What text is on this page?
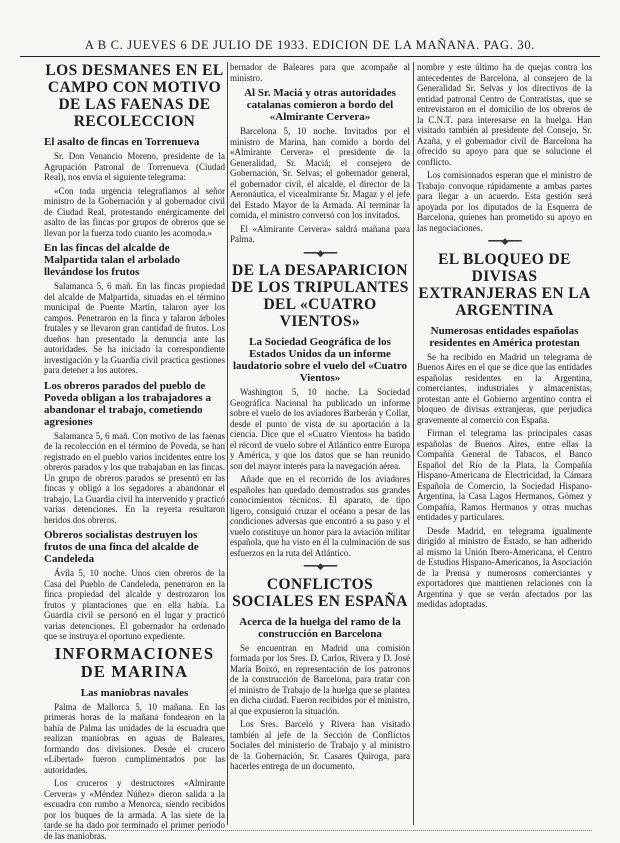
A B C. JUEVES 6 DE JULIO DE 1933. EDICION DE LA MAÑANA. PAG. 30.
LOS DESMANES EN EL CAMPO CON MOTIVO DE LAS FAENAS DE RECOLECCION
El asalto de fincas en Torrenueva

Sr. Don Venancio Moreno, presidente de la Agrupación Patronal de Torrenueva (Ciudad Real), nos envía el siguiente telegrama:

«Con toda urgencia telegrafiamos al señor ministro de la Gobernación y al gobernador civil de Ciudad Real, protestando enérgicamente del asalto de las fincas por grupos de obreros que se llevan por la fuerza todo cuanto les acomoda.»

En las fincas del alcalde de Malpartida talan el arbolado llevándose los frutos

Salamanca 5, 6 mañ. En las fincas propiedad del alcalde de Malpartida, situadas en el término municipal de Puente Martín, talaron ayer los campos. Penetraron en la finca y talaron árboles frutales y se llevaron gran cantidad de frutos. Los dueños han presentado la denuncia ante las autoridades. Se ha iniciado la correspondiente investigación y la Guardia civil practica gestiones para detener a los autores.

Los obreros parados del pueblo de Poveda obligan a los trabajadores a abandonar el trabajo, cometiendo agresiones

Salamanca 5, 6 mañ. Con motivo de las faenas de la recolección en el término de Poveda, se han registrado en el pueblo varios incidentes entre los obreros parados y los que trabajaban en las fincas. Un grupo de obreros parados se presentó en las fincas y obligó a los segadores a abandonar el trabajo. La Guardia civil ha intervenido y practicó varias detenciones. En la reyerta resultaron heridos dos obreros.

Obreros socialistas destruyen los frutos de una finca del alcalde de Candeleda

Ávila 5, 10 noche. Unos cien obreros de la Casa del Pueblo de Candeleda, penetraron en la finca propiedad del alcalde y destrozaron los frutos y plantaciones que en ella había. La Guardia civil se personó en el lugar y practicó varias detenciones. El gobernador ha ordenado que se instruya el oportuno expediente.

INFORMACIONES DE MARINA
Las maniobras navales

Palma de Mallorca 5, 10 mañana. En las primeras horas de la mañana fondearon en la bahía de Palma las unidades de la escuadra que realizan maniobras en aguas de Baleares, formando dos divisiones. Desde el crucero «Libertad» fueron cumplimentados por las autoridades.

Los cruceros y destructores «Almirante Cervera» y «Méndez Núñez» dieron salida a la escuadra con rumbo a Menorca, siendo recibidos por los buques de la armada. A las siete de la tarde se ha dado por terminado el primer período de las maniobras.

bernador de Baleares para que acompañe al ministro.

Al Sr. Maciá y otras autoridades catalanas comieron a bordo del «Almirante Cervera»

Barcelona 5, 10 noche. Invitados por el ministro de Marina, han comido a bordo del «Almirante Cervera» el presidente de la Generalidad, Sr. Maciá; el consejero de Gobernación, Sr. Selvas; el gobernador general, el gobernador civil, el alcalde, el director de la Aeronáutica, el vicealmirante Sr. Magaz y el jefe del Estado Mayor de la Armada. Al terminar la comida, el ministro conversó con los invitados.

El «Almirante Cervera» saldrá mañana para Palma.

━━━◆━━━
DE LA DESAPARICION DE LOS TRIPULANTES DEL «CUATRO VIENTOS»
La Sociedad Geográfica de los Estados Unidos da un informe laudatorio sobre el vuelo del «Cuatro Vientos»

Washington 5, 10 noche. La Sociedad Geográfica Nacional ha publicado un informe sobre el vuelo de los aviadores Barberán y Collar, desde el punto de vista de su aportación a la ciencia. Dice que el «Cuatro Vientos» ha batido el récord de vuelo sobre el Atlántico entre Europa y América, y que los datos que se han reunido son del mayor interés para la navegación aérea.

Añade que en el recorrido de los aviadores españoles han quedado demostrados sus grandes conocimientos técnicos. El aparato, de tipo ligero, consiguió cruzar el océano a pesar de las condiciones adversas que encontró a su paso y el vuelo constituye un honor para la aviación militar española, que ha visto en él la culminación de sus esfuerzos en la ruta del Atlántico.

━━━◆━━━
CONFLICTOS SOCIALES EN ESPAÑA
Acerca de la huelga del ramo de la construcción en Barcelona

Se encuentran en Madrid una comisión formada por los Sres. D. Carlos, Rivera y D. José María Boixó, en representación de los patronos de la construcción de Barcelona, para tratar con el ministro de Trabajo de la huelga que se plantea en dicha ciudad. Fueron recibidos por el ministro, al que expusieron la situación.

Los Sres. Barceló y Rivera han visitado también al jefe de la Sección de Conflictos Sociales del ministerio de Trabajo y al ministro de la Gobernación, Sr. Casares Quiroga, para hacerles entrega de un documento.

nombre y este último ha de quejas contra los antecedentes de Barcelona, al consejero de la Generalidad Sr. Selvas y los directivos de la entidad patronal Centro de Contratistas, que se entrevistaron en el domicilio de los obreros de la C.N.T. para interesarse en la huelga. Han visitado también al presidente del Consejo, Sr. Azaña, y el gobernador civil de Barcelona ha ofrecido su apoyo para que se solucione el conflicto.

Los comisionados esperan que el ministro de Trabajo convoque rápidamente a ambas partes para llegar a un acuerdo. Esta gestión será apoyada por los diputados de la Esquerra de Barcelona, quienes han prometido su apoyo en las negociaciones.

━━━◆━━━
EL BLOQUEO DE DIVISAS EXTRANJERAS EN LA ARGENTINA
Numerosas entidades españolas residentes en América protestan

Se ha recibido en Madrid un telegrama de Buenos Aires en el que se dice que las entidades españolas residentes en la Argentina, comerciantes, industriales y almacenistas, protestan ante el Gobierno argentino contra el bloqueo de divisas extranjeras, que perjudica gravemente al comercio con España.

Firman el telegrama las principales casas españolas de Buenos Aires, entre ellas la Compañía General de Tabacos, el Banco Español del Río de la Plata, la Compañía Hispano-Americana de Electricidad, la Cámara Española de Comercio, la Sociedad Hispano-Argentina, la Casa Lagos Hermanos, Gómez y Compañía, Ramos Hermanos y otras muchas entidades y particulares.

Desde Madrid, en telegrama igualmente dirigido al ministro de Estado, se han adherido al mismo la Unión Ibero-Americana, el Centro de Estudios Hispano-Americanos, la Asociación de la Prensa y numerosos comerciantes y exportadores que mantienen relaciones con la Argentina y que se verán afectados por las medidas adoptadas.
